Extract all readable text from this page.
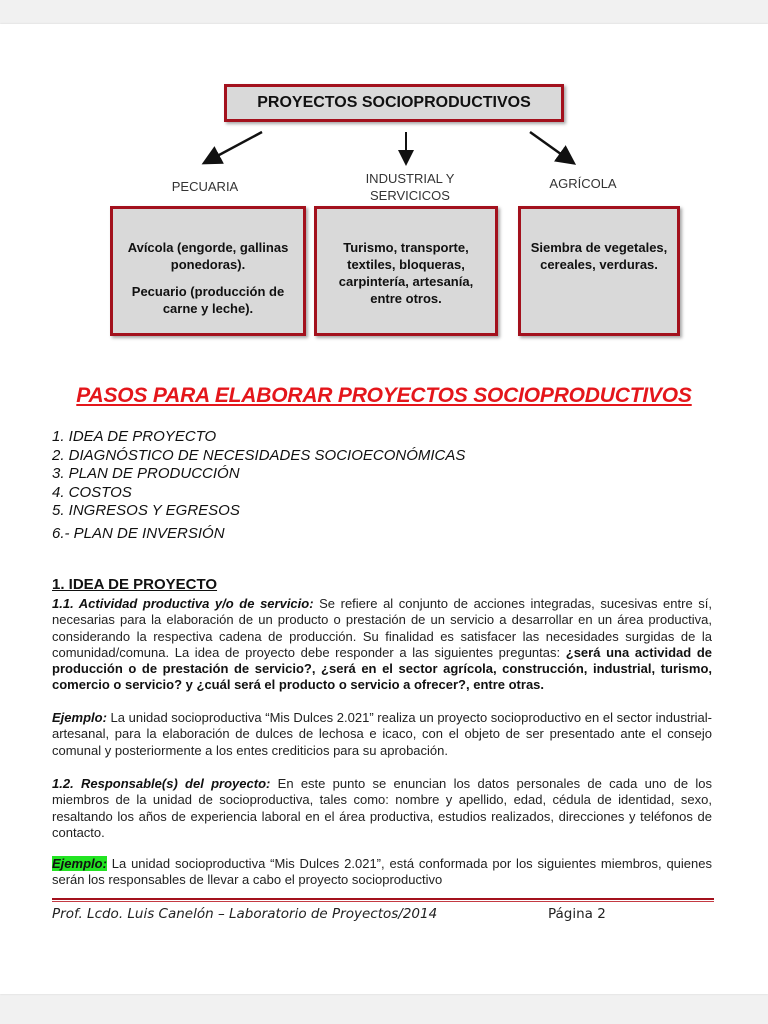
PROYECTOS SOCIOPRODUCTIVOS
PECUARIA
INDUSTRIAL Y
SERVICICOS
AGRÍCOLA

Avícola (engorde, gallinas ponedoras).

Pecuario (producción de carne y leche).

Turismo, transporte, textiles, bloqueras, carpintería, artesanía, entre otros.

Siembra de vegetales, cereales, verduras.

PASOS PARA ELABORAR PROYECTOS SOCIOPRODUCTIVOS
1. IDEA DE PROYECTO
2. DIAGNÓSTICO DE NECESIDADES SOCIOECONÓMICAS
3. PLAN DE PRODUCCIÓN
4. COSTOS
5. INGRESOS Y EGRESOS
6.- PLAN DE INVERSIÓN
1. IDEA DE PROYECTO
1.1. Actividad productiva y/o de servicio: Se refiere al conjunto de acciones integradas, sucesivas entre sí, necesarias para la elaboración de un producto o prestación de un servicio a desarrollar en un área productiva, considerando la respectiva cadena de producción. Su finalidad es satisfacer las necesidades surgidas de la comunidad/comuna. La idea de proyecto debe responder a las siguientes preguntas: ¿será una actividad de producción o de prestación de servicio?, ¿será en el sector agrícola, construcción, industrial, turismo, comercio o servicio? y ¿cuál será el producto o servicio a ofrecer?, entre otras.
Ejemplo: La unidad socioproductiva “Mis Dulces 2.021” realiza un proyecto socioproductivo en el sector industrial-artesanal, para la elaboración de dulces de lechosa e icaco, con el objeto de ser presentado ante el consejo comunal y posteriormente a los entes crediticios para su aprobación.
1.2. Responsable(s) del proyecto: En este punto se enuncian los datos personales de cada uno de los miembros de la unidad de socioproductiva, tales como: nombre y apellido, edad, cédula de identidad, sexo, resaltando los años de experiencia laboral en el área productiva, estudios realizados, direcciones y teléfonos de contacto.
Ejemplo: La unidad socioproductiva “Mis Dulces 2.021”, está conformada por los siguientes miembros, quienes serán los responsables de llevar a cabo el proyecto socioproductivo
Prof. Lcdo. Luis Canelón – Laboratorio de Proyectos/2014	Página 2
